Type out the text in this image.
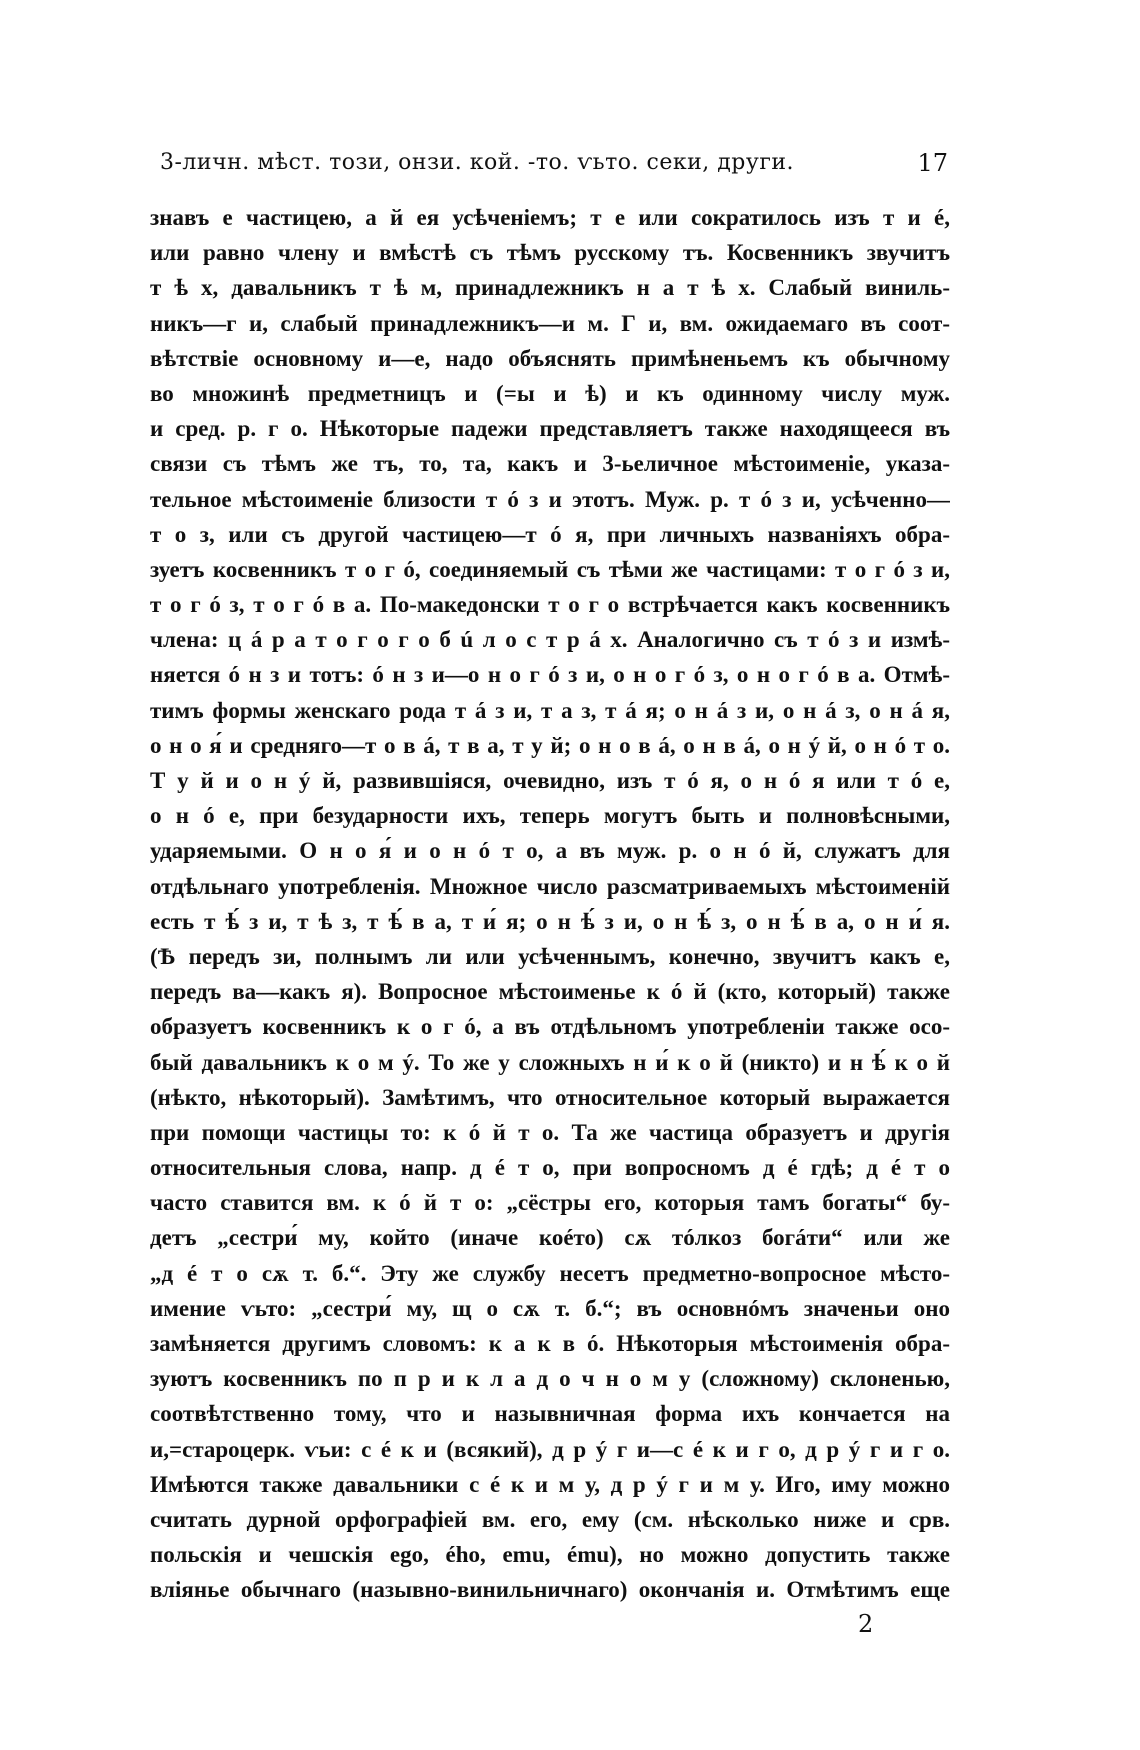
3-личн. мѣст. този, онзи. кой. -то. ѵьто. секи, други.	17
знавъ е частицею, а й ея усѣченіемъ; т е или сократилось изъ т и é,
или равно члену и вмѣстѣ съ тѣмъ русскому тъ. Косвенникъ звучитъ
т ѣ х, давальникъ т ѣ м, принадлежникъ н а т ѣ х. Слабый виниль-
никъ—г и, слабый принадлежникъ—и м. Г и, вм. ожидаемаго въ соот-
вѣтствіе основному и—е, надо объяснять примѣненьемъ къ обычному
во множинѣ предметницъ и (=ы и ѣ) и къ одинному числу муж.
и сред. р. г о. Нѣкоторые падежи представляетъ также находящееся въ
связи съ тѣмъ же тъ, то, та, какъ и 3-ьеличное мѣстоименіе, указа-
тельное мѣстоименіе близости т ó з и этотъ. Муж. р. т ó з и, усѣченно—
т о з, или съ другой частицею—т ó я, при личныхъ названіяхъ обра-
зуетъ косвенникъ т о г ó, соединяемый съ тѣми же частицами: т о г ó з и,
т о г ó з, т о г ó в а. По-македонски т о г о встрѣчается какъ косвенникъ
члена: ц á р а т о г о г о б ú л о с т р á х. Аналогично съ т ó з и измѣ-
няется ó н з и тотъ: ó н з и—о н о г ó з и, о н о г ó з, о н о г ó в а. Отмѣ-
тимъ формы женскаго рода т á з и, т а з, т á я; о н á з и, о н á з, о н á я,
о н о я́ и средняго—т о в á, т в а, т у й; о н о в á, о н в á, о н ý й, о н ó т о.
Т у й и о н ý й, развившіяся, очевидно, изъ т ó я, о н ó я или т ó е,
о н ó е, при безударности ихъ, теперь могутъ быть и полновѣсными,
ударяемыми. О н о я́ и о н ó т о, а въ муж. р. о н ó й, служатъ для
отдѣльнаго употребленія. Множное число разсматриваемыхъ мѣстоименій
есть т ѣ́ з и, т ѣ з, т ѣ́ в а, т и́ я; о н ѣ́ з и, о н ѣ́ з, о н ѣ́ в а, о н и́ я.
(Ѣ передъ зи, полнымъ ли или усѣченнымъ, конечно, звучитъ какъ е,
передъ ва—какъ я). Вопросное мѣстоименье к ó й (кто, который) также
образуетъ косвенникъ к о г ó, а въ отдѣльномъ употребленіи также осо-
бый давальникъ к о м ý. То же у сложныхъ н и́ к о й (никто) и н ѣ́ к о й
(нѣкто, нѣкоторый). Замѣтимъ, что относительное который выражается
при помощи частицы то: к ó й т о. Та же частица образуетъ и другія
относительныя слова, напр. д é т о, при вопросномъ д é гдѣ; д é т о
часто ставится вм. к ó й т о: „сёстры его, которыя тамъ богаты“ бу-
детъ „сестри́ му, който (иначе коéто) сѫ тóлкоз богáти“ или же
„д é т о сѫ т. б.“. Эту же службу несетъ предметно-вопросное мѣсто-
имение ѵьто: „сестри́ му, щ о сѫ т. б.“; въ основнóмъ значеньи оно
замѣняется другимъ словомъ: к а к в ó. Нѣкоторыя мѣстоименія обра-
зуютъ косвенникъ по п р и к л а д о ч н о м у (сложному) склоненью,
соотвѣтственно тому, что и назывничная форма ихъ кончается на
и,=староцерк. ѵьи: с é к и (всякий), д р ý г и—с é к и г о, д р ý г и г о.
Имѣются также давальники с é к и м у, д р ý г и м у. Иго, иму можно
считать дурной орфографіей вм. его, ему (см. нѣсколько ниже и срв.
польскія и чешскія ego, ého, emu, ému), но можно допустить также
вліянье обычнаго (назывно-винильничнаго) окончанія и. Отмѣтимъ еще
2
